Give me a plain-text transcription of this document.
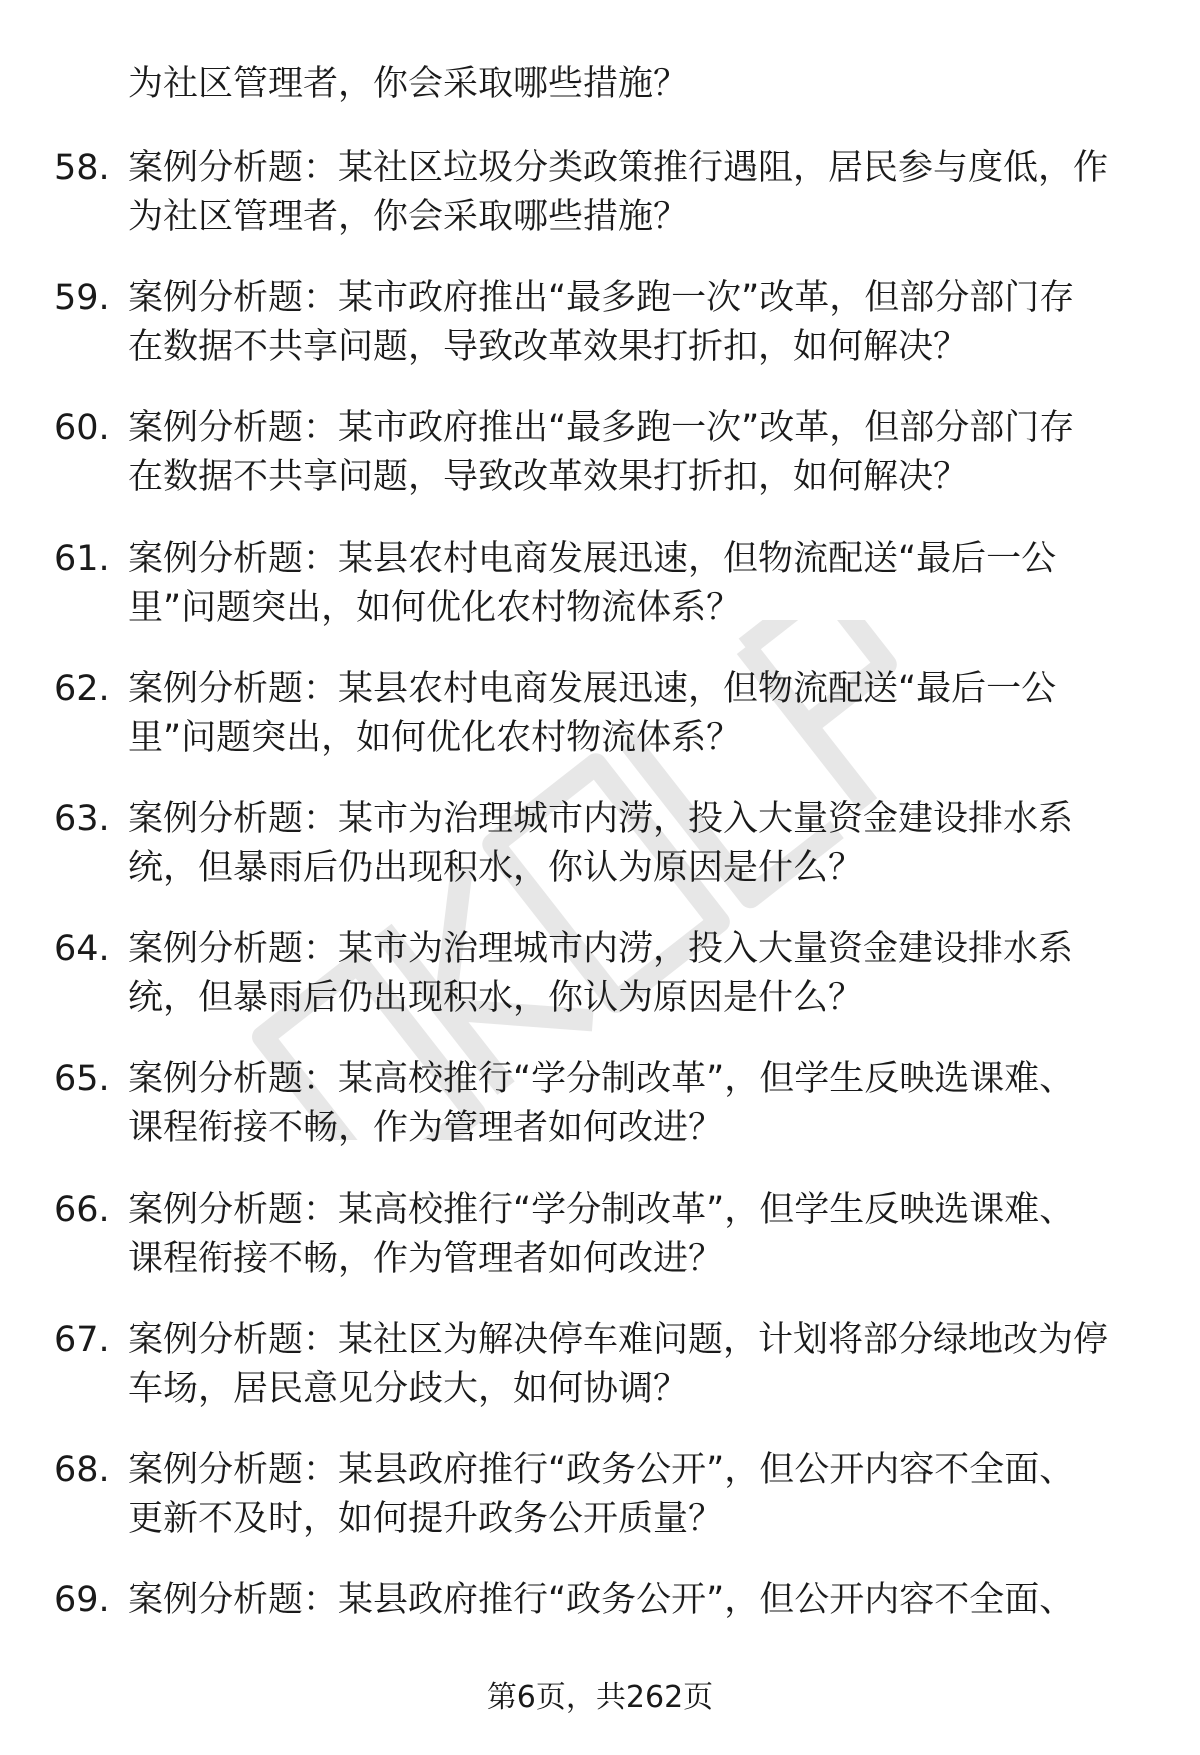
为社区管理者，你会采取哪些措施？

58. 案例分析题：某社区垃圾分类政策推行遇阻，居民参与度低，作
为社区管理者，你会采取哪些措施？
59. 案例分析题：某市政府推出“最多跑一次”改革，但部分部门存
在数据不共享问题，导致改革效果打折扣，如何解决？
60. 案例分析题：某市政府推出“最多跑一次”改革，但部分部门存
在数据不共享问题，导致改革效果打折扣，如何解决？
61. 案例分析题：某县农村电商发展迅速，但物流配送“最后一公
里”问题突出，如何优化农村物流体系？
62. 案例分析题：某县农村电商发展迅速，但物流配送“最后一公
里”问题突出，如何优化农村物流体系？
63. 案例分析题：某市为治理城市内涝，投入大量资金建设排水系
统，但暴雨后仍出现积水，你认为原因是什么？
64. 案例分析题：某市为治理城市内涝，投入大量资金建设排水系
统，但暴雨后仍出现积水，你认为原因是什么？
65. 案例分析题：某高校推行“学分制改革”，但学生反映选课难、
课程衔接不畅，作为管理者如何改进？
66. 案例分析题：某高校推行“学分制改革”，但学生反映选课难、
课程衔接不畅，作为管理者如何改进？
67. 案例分析题：某社区为解决停车难问题，计划将部分绿地改为停
车场，居民意见分歧大，如何协调？
68. 案例分析题：某县政府推行“政务公开”，但公开内容不全面、
更新不及时，如何提升政务公开质量？
69. 案例分析题：某县政府推行“政务公开”，但公开内容不全面、
第6页，共262页
